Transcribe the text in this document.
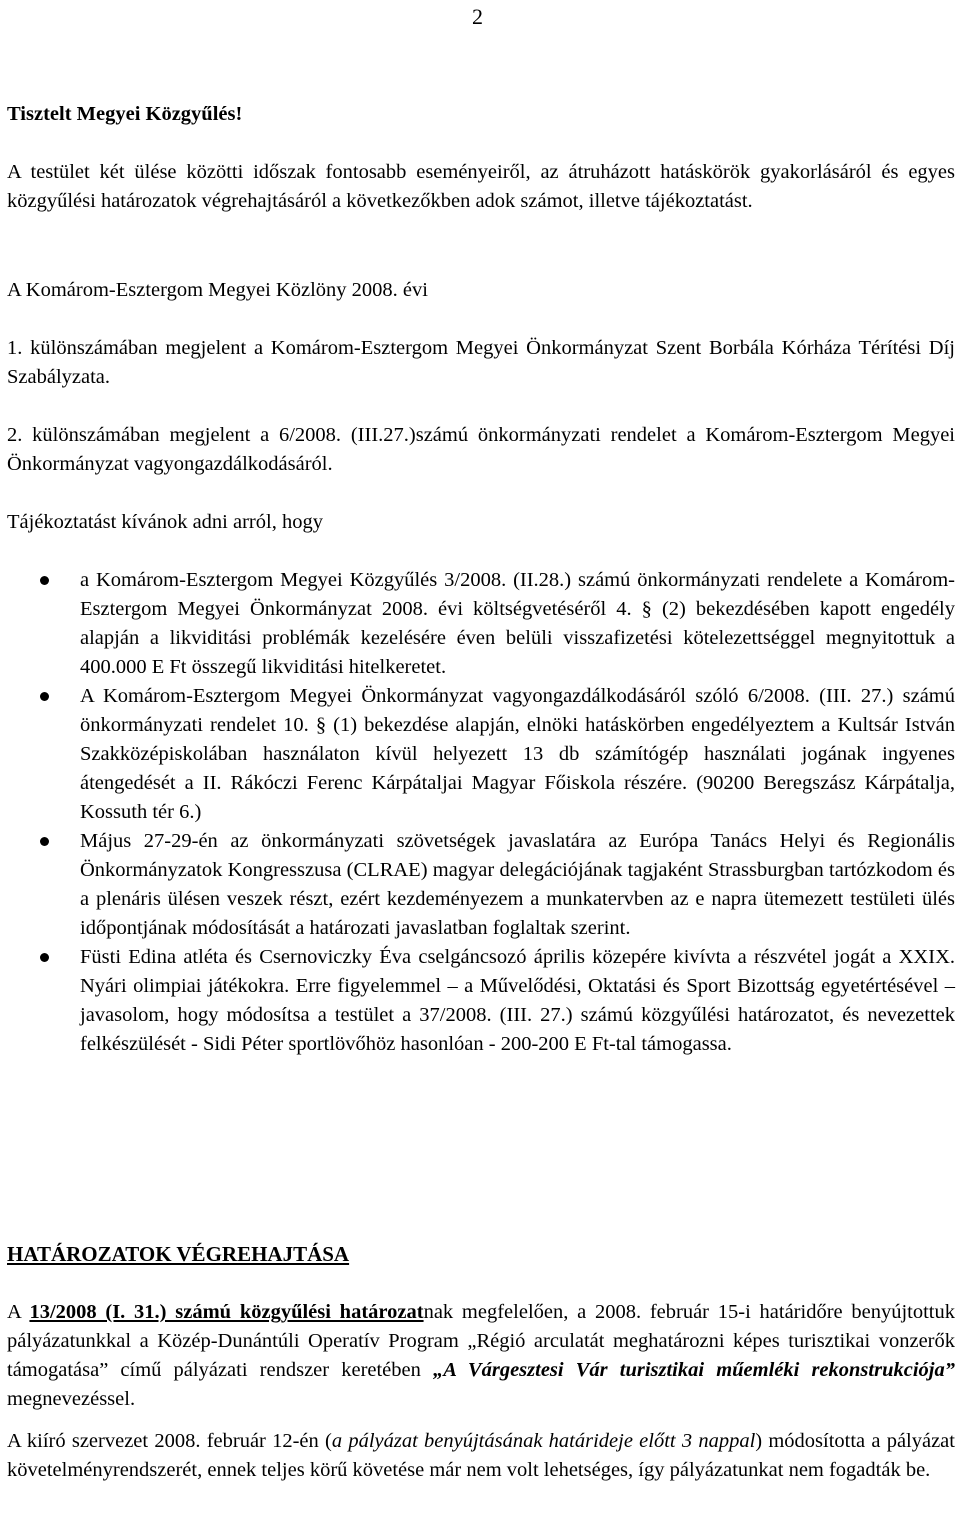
2
Tisztelt Megyei Közgyűlés!
A testület két ülése közötti időszak fontosabb eseményeiről, az átruházott hatáskörök gyakorlásáról és egyes közgyűlési határozatok végrehajtásáról a következőkben adok számot, illetve tájékoztatást.
A Komárom-Esztergom Megyei Közlöny 2008. évi
1. különszámában megjelent a Komárom-Esztergom Megyei Önkormányzat Szent Borbála Kórháza Térítési Díj Szabályzata.
2. különszámában megjelent a 6/2008. (III.27.)számú önkormányzati rendelet a Komárom-Esztergom Megyei Önkormányzat vagyongazdálkodásáról.
Tájékoztatást kívánok adni arról, hogy
a Komárom-Esztergom Megyei Közgyűlés 3/2008. (II.28.) számú önkormányzati rendelete a Komárom-Esztergom Megyei Önkormányzat 2008. évi költségvetéséről 4. § (2) bekezdésében kapott engedély alapján a likviditási problémák kezelésére éven belüli visszafizetési kötelezettséggel megnyitottuk a 400.000 E Ft összegű likviditási hitelkeretet.
A Komárom-Esztergom Megyei Önkormányzat vagyongazdálkodásáról szóló 6/2008. (III. 27.) számú önkormányzati rendelet 10. § (1) bekezdése alapján, elnöki hatáskörben engedélyeztem a Kultsár István Szakközépiskolában használaton kívül helyezett 13 db számítógép használati jogának ingyenes átengedését a II. Rákóczi Ferenc Kárpátaljai Magyar Főiskola részére. (90200 Beregszász Kárpátalja, Kossuth tér 6.)
Május 27-29-én az önkormányzati szövetségek javaslatára az Európa Tanács Helyi és Regionális Önkormányzatok Kongresszusa (CLRAE) magyar delegációjának tagjaként Strassburgban tartózkodom és a plenáris ülésen veszek részt, ezért kezdeményezem a munkatervben az e napra ütemezett testületi ülés időpontjának módosítását a határozati javaslatban foglaltak szerint.
Füsti Edina atléta és Csernoviczky Éva cselgáncsozó április közepére kivívta a részvétel jogát a XXIX. Nyári olimpiai játékokra. Erre figyelemmel – a Művelődési, Oktatási és Sport Bizottság egyetértésével – javasolom, hogy módosítsa a testület a 37/2008. (III. 27.) számú közgyűlési határozatot, és nevezettek felkészülését - Sidi Péter sportlövőhöz hasonlóan - 200-200 E Ft-tal támogassa.
HATÁROZATOK VÉGREHAJTÁSA
A 13/2008 (I. 31.) számú közgyűlési határozatnak megfelelően, a 2008. február 15-i határidőre benyújtottuk pályázatunkkal a Közép-Dunántúli Operatív Program „Régió arculatát meghatározni képes turisztikai vonzerők támogatása” című pályázati rendszer keretében „A Várgesztesi Vár turisztikai műemléki rekonstrukciója” megnevezéssel.
A kiíró szervezet 2008. február 12-én (a pályázat benyújtásának határideje előtt 3 nappal) módosította a pályázat követelményrendszerét, ennek teljes körű követése már nem volt lehetséges, így pályázatunkat nem fogadták be.
